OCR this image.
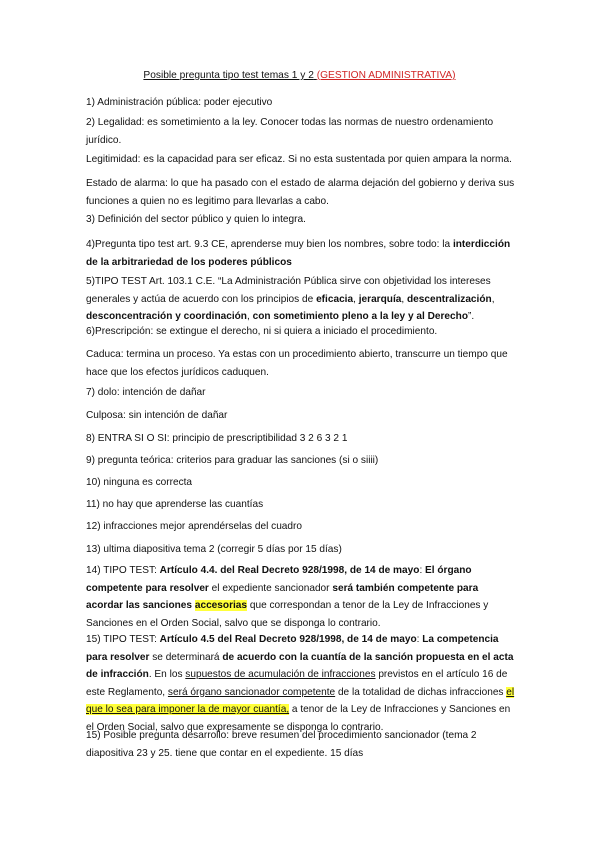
Posible pregunta tipo test temas 1 y 2 (GESTION ADMINISTRATIVA)
1) Administración pública: poder ejecutivo
2) Legalidad: es sometimiento a la ley. Conocer todas las normas de nuestro ordenamiento jurídico.
Legitimidad: es la capacidad para ser eficaz. Si no esta sustentada por quien ampara la norma.
Estado de alarma: lo que ha pasado con el estado de alarma dejación del gobierno y deriva sus funciones a quien no es legitimo para llevarlas a cabo.
3) Definición del sector público y quien lo integra.
4)Pregunta tipo test art. 9.3 CE, aprenderse muy bien los nombres, sobre todo: la interdicción de la arbitrariedad de los poderes públicos
5)TIPO TEST Art. 103.1 C.E. “La Administración Pública sirve con objetividad los intereses generales y actúa de acuerdo con los principios de eficacia, jerarquía, descentralización, desconcentración y coordinación, con sometimiento pleno a la ley y al Derecho”.
6)Prescripción: se extingue el derecho, ni si quiera a iniciado el procedimiento.
Caduca: termina un proceso. Ya estas con un procedimiento abierto, transcurre un tiempo que hace que los efectos jurídicos caduquen.
7) dolo: intención de dañar
Culposa: sin intención de dañar
8) ENTRA SI O SI: principio de prescriptibilidad 3 2 6 3 2 1
9) pregunta teórica: criterios para graduar las sanciones (si o siiii)
10) ninguna es correcta
11) no hay que aprenderse las cuantías
12) infracciones mejor aprendérselas del cuadro
13) ultima diapositiva tema 2 (corregir 5 días por 15 días)
14) TIPO TEST: Artículo 4.4. del Real Decreto 928/1998, de 14 de mayo: El órgano competente para resolver el expediente sancionador será también competente para acordar las sanciones accesorias que correspondan a tenor de la Ley de Infracciones y Sanciones en el Orden Social, salvo que se disponga lo contrario.
15) TIPO TEST: Artículo 4.5 del Real Decreto 928/1998, de 14 de mayo: La competencia para resolver se determinará de acuerdo con la cuantía de la sanción propuesta en el acta de infracción. En los supuestos de acumulación de infracciones previstos en el artículo 16 de este Reglamento, será órgano sancionador competente de la totalidad de dichas infracciones el que lo sea para imponer la de mayor cuantía, a tenor de la Ley de Infracciones y Sanciones en el Orden Social, salvo que expresamente se disponga lo contrario.
15) Posible pregunta desarrollo: breve resumen del procedimiento sancionador (tema 2 diapositiva 23 y 25. tiene que contar en el expediente. 15 días
